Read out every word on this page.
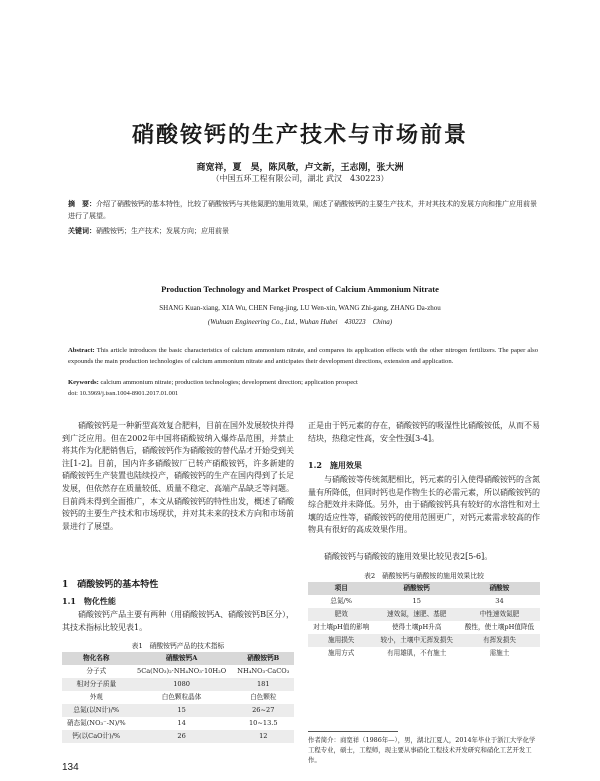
硝酸铵钙的生产技术与市场前景
商宽祥，夏　昊，陈风敬，卢文新，王志刚，张大洲
（中国五环工程有限公司，湖北 武汉　430223）
摘　要：介绍了硝酸铵钙的基本特性，比较了硝酸铵钙与其他氮肥的施用效果，阐述了硝酸铵钙的主要生产技术，并对其技术的发展方向和推广应用前景进行了展望。
关键词：硝酸铵钙；生产技术；发展方向；应用前景
Production Technology and Market Prospect of Calcium Ammonium Nitrate
SHANG Kuan-xiang, XIA Wu, CHEN Feng-jing, LU Wen-xin, WANG Zhi-gang, ZHANG Da-zhou
(Wuhuan Engineering Co., Ltd., Wuhan Hubei　430223　China)
Abstract: This article introduces the basic characteristics of calcium ammonium nitrate, and compares its application effects with the other nitrogen fertilizers. The paper also expounds the main production technologies of calcium ammonium nitrate and anticipates their development directions, extension and application.
Keywords: calcium ammonium nitrate; production technologies; development direction; application prospect
doi: 10.3969/j.issn.1004-8901.2017.01.001
硝酸铵钙是一种新型高效复合肥料，目前在国外发展较快并得到广泛应用。但在2002年中国将硝酸铵纳入爆炸品范围，并禁止将其作为化肥销售后，硝酸铵钙作为硝酸铵的替代品才开始受到关注[1-2]。目前，国内许多硝酸铵厂已转产硝酸铵钙，许多新建的硝酸铵钙生产装置也陆续投产，硝酸铵钙的生产在国内得到了长足发展，但依然存在质量较低、质量不稳定、高端产品缺乏等问题。目前尚未得到全面推广，本文从硝酸铵钙的特性出发，概述了硝酸铵钙的主要生产技术和市场现状，并对其未来的技术方向和市场前景进行了展望。
1　硝酸铵钙的基本特性
1.1　物化性能
硝酸铵钙产品主要有两种（用硝酸铵钙A、硝酸铵钙B区分），其技术指标比较见表1。
表1　硝酸铵钙产品的技术指标
物化名称	硝酸铵钙A	硝酸铵钙B
分子式	5Ca(NO₃)₂·NH₄NO₃·10H₂O	NH₄NO₃·CaCO₃
相对分子质量	1080	181
外观	白色颗粒晶体	白色颗粒
总氮(以N计)/%	15	26~27
硝态氮(NO₃⁻-N)/%	14	10~13.5
钙(以CaO计)/%	26	12
正是由于钙元素的存在，硝酸铵钙的吸湿性比硝酸铵低，从而不易结块，热稳定性高，安全性强[3-4]。
1.2　施用效果
与硝酸铵等传统氮肥相比，钙元素的引入使得硝酸铵钙的含氮量有所降低，但同时钙也是作物生长的必需元素，所以硝酸铵钙的综合肥效并未降低。另外，由于硝酸铵钙具有较好的水溶性和对土壤的适应性等，硝酸铵钙的使用范围更广，对钙元素需求较高的作物具有很好的高成效果作用。
硝酸铵钙与硝酸铵的施用效果比较见表2[5-6]。
表2　硝酸铵钙与硝酸铵的施用效果比较
项目	硝酸铵钙	硝酸铵
总氮/%	15	34
肥效	速效氮，速肥、基肥	中性速效氮肥
对土壤pH值的影响	使得土壤pH升高	酸性，使土壤pH值降低
施用损失	较小，土壤中无挥发损失	有挥发损失
施用方式	有用雄肌，不有施土	需施土
作者简介：商宽祥（1986年—），男，湖北江夏人，2014年毕业于浙江大学化学工程专业，硕士，工程师，现主要从事硝化工程技术开发研究和硝化工艺开发工作。
134
